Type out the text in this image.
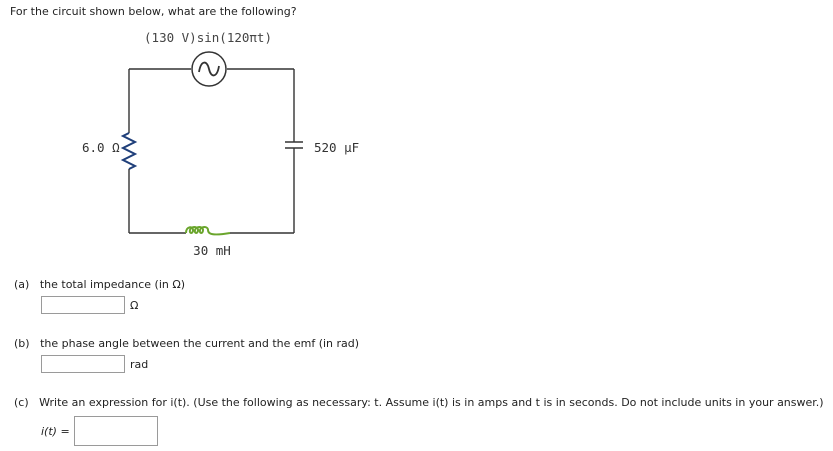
For the circuit shown below, what are the following?
(130 V)sin(120πt)
6.0 Ω	520 µF
30 mH
(a) the total impedance (in Ω)
Ω
(b) the phase angle between the current and the emf (in rad)
rad
(c) Write an expression for i(t). (Use the following as necessary: t. Assume i(t) is in amps and t is in seconds. Do not include units in your answer.)
i(t) =
